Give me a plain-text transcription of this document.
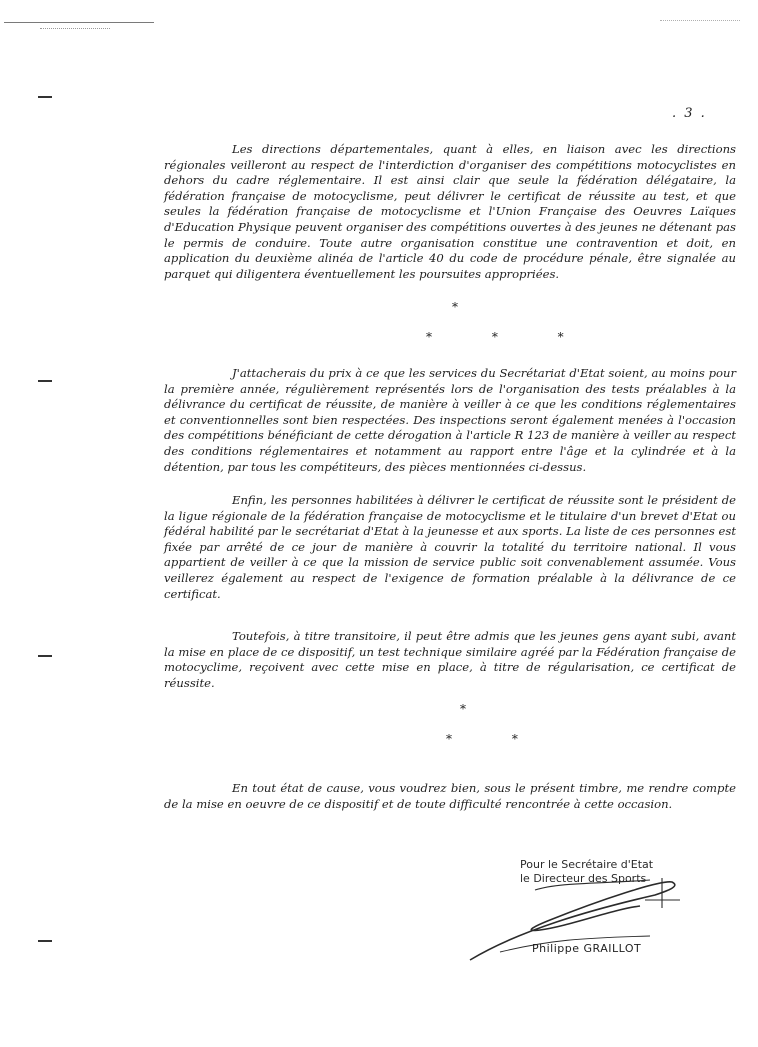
. 3 .

Les directions départementales, quant à elles, en liaison avec les directions régionales veilleront au respect de l'interdiction d'organiser des compétitions motocyclistes en dehors du cadre réglementaire. Il est ainsi clair que seule la fédération délégataire, la fédération française de motocyclisme, peut délivrer le certificat de réussite au test, et que seules la fédération française de motocyclisme et l'Union Française des Oeuvres Laïques d'Education Physique peuvent organiser des compétitions ouvertes à des jeunes ne détenant pas le permis de conduire. Toute autre organisation constitue une contravention et doit, en application du deuxième alinéa de l'article 40 du code de procédure pénale, être signalée au parquet qui diligentera éventuellement les poursuites appropriées.

*
* * *

J'attacherais du prix à ce que les services du Secrétariat d'Etat soient, au moins pour la première année, régulièrement représentés lors de l'organisation des tests préalables à la délivrance du certificat de réussite, de manière à veiller à ce que les conditions réglementaires et conventionnelles sont bien respectées. Des inspections seront également menées à l'occasion des compétitions bénéficiant de cette dérogation à l'article R 123 de manière à veiller au respect des conditions réglementaires et notamment au rapport entre l'âge et la cylindrée et à la détention, par tous les compétiteurs, des pièces mentionnées ci-dessus.

Enfin, les personnes habilitées à délivrer le certificat de réussite sont le président de la ligue régionale de la fédération française de motocyclisme et le titulaire d'un brevet d'Etat ou fédéral habilité par le secrétariat d'Etat à la jeunesse et aux sports. La liste de ces personnes est fixée par arrêté de ce jour de manière à couvrir la totalité du territoire national. Il vous appartient de veiller à ce que la mission de service public soit convenablement assumée. Vous veillerez également au respect de l'exigence de formation préalable à la délivrance de ce certificat.

Toutefois, à titre transitoire, il peut être admis que les jeunes gens ayant subi, avant la mise en place de ce dispositif, un test technique similaire agréé par la Fédération française de motocyclime, reçoivent avec cette mise en place, à titre de régularisation, ce certificat de réussite.

*
* *

En tout état de cause, vous voudrez bien, sous le présent timbre, me rendre compte de la mise en oeuvre de ce dispositif et de toute difficulté rencontrée à cette occasion.

Pour le Secrétaire d'Etat
le Directeur des Sports
Philippe GRAILLOT
